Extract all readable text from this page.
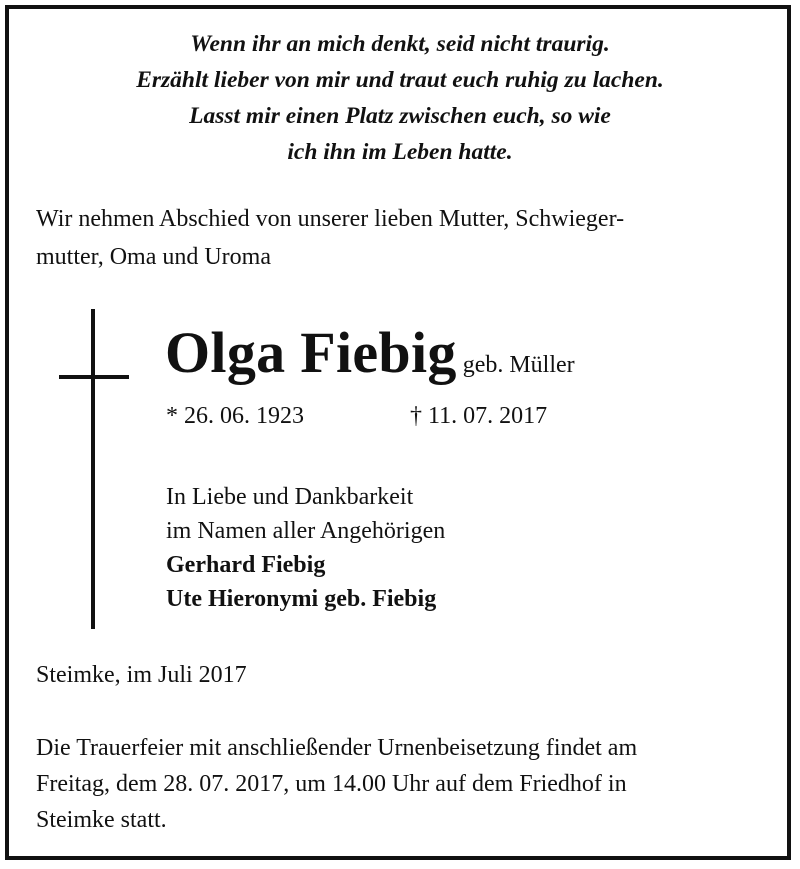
Wenn ihr an mich denkt, seid nicht traurig.
Erzählt lieber von mir und traut euch ruhig zu lachen.
Lasst mir einen Platz zwischen euch, so wie
ich ihn im Leben hatte.
Wir nehmen Abschied von unserer lieben Mutter, Schwieger-
mutter, Oma und Uroma
Olga Fiebig geb. Müller
* 26. 06. 1923	† 11. 07. 2017
In Liebe und Dankbarkeit
im Namen aller Angehörigen
Gerhard Fiebig
Ute Hieronymi geb. Fiebig
Steimke, im Juli 2017
Die Trauerfeier mit anschließender Urnenbeisetzung findet am
Freitag, dem 28. 07. 2017, um 14.00 Uhr auf dem Friedhof in
Steimke statt.
